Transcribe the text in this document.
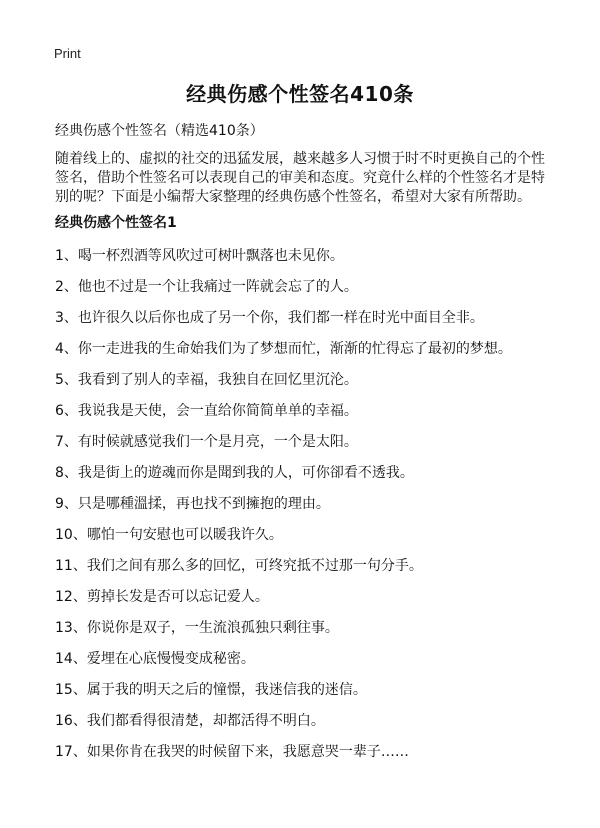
Print
经典伤感个性签名410条
经典伤感个性签名（精选410条）
随着线上的、虚拟的社交的迅猛发展，越来越多人习惯于时不时更换自己的个性签名，借助个性签名可以表现自己的审美和态度。究竟什么样的个性签名才是特别的呢？下面是小编帮大家整理的经典伤感个性签名，希望对大家有所帮助。
经典伤感个性签名1
1、喝一杯烈酒等风吹过可树叶飘落也未见你。
2、他也不过是一个让我痛过一阵就会忘了的人。
3、也许很久以后你也成了另一个你，我们都一样在时光中面目全非。
4、你一走进我的生命始我们为了梦想而忙，渐渐的忙得忘了最初的梦想。
5、我看到了别人的幸福，我独自在回忆里沉沦。
6、我说我是天使，会一直给你简简单单的幸福。
7、有时候就感觉我们一个是月亮，一个是太阳。
8、我是街上的遊魂而你是聞到我的人，可你卻看不透我。
9、只是哪種溫揉，再也找不到擁抱的理由。
10、哪怕一句安慰也可以暖我许久。
11、我们之间有那么多的回忆，可终究抵不过那一句分手。
12、剪掉长发是否可以忘记爱人。
13、你说你是双子，一生流浪孤独只剩往事。
14、爱埋在心底慢慢变成秘密。
15、属于我的明天之后的憧憬，我迷信我的迷信。
16、我们都看得很清楚，却都活得不明白。
17、如果你肯在我哭的时候留下来，我愿意哭一辈子……
